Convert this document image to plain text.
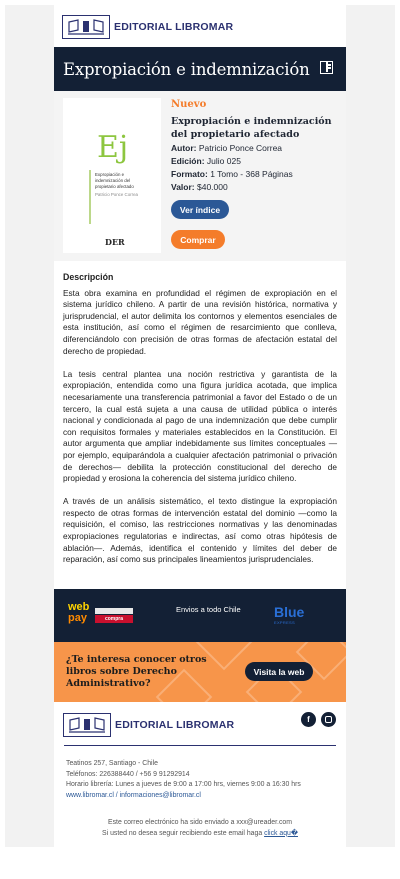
EDITORIAL LIBROMAR
Expropiación e indemnización
Ej
Expropiación e
indemnización del
propietario afectado
Patricio Ponce Correa
DER
Nuevo
Expropiación e indemnización del propietario afectado
Autor: Patricio Ponce Correa
Edición: Julio 025
Formato: 1 Tomo - 368 Páginas
Valor: $40.000
Ver índice
Comprar
Descripción

Esta obra examina en profundidad el régimen de expropiación en el sistema jurídico chileno. A partir de una revisión histórica, normativa y jurisprudencial, el autor delimita los contornos y elementos esenciales de esta institución, así como el régimen de resarcimiento que conlleva, diferenciándolo con precisión de otras formas de afectación estatal del derecho de propiedad.

La tesis central plantea una noción restrictiva y garantista de la expropiación, entendida como una figura jurídica acotada, que implica necesariamente una transferencia patrimonial a favor del Estado o de un tercero, la cual está sujeta a una causa de utilidad pública o interés nacional y condicionada al pago de una indemnización que debe cumplir con requisitos formales y materiales establecidos en la Constitución. El autor argumenta que ampliar indebidamente sus límites conceptuales —por ejemplo, equiparándola a cualquier afectación patrimonial o privación de derechos— debilita la protección constitucional del derecho de propiedad y erosiona la coherencia del sistema jurídico chileno.

A través de un análisis sistemático, el texto distingue la expropiación respecto de otras formas de intervención estatal del dominio —como la requisición, el comiso, las restricciones normativas y las denominadas expropiaciones regulatorias e indirectas, así como otras hipótesis de ablación—. Además, identifica el contenido y límites del deber de reparación, así como sus principales lineamientos jurisprudenciales.

web
pay	compra
Envios a todo Chile Blue
EXPRESS
¿Te interesa conocer otros libros sobre Derecho Administrativo?
Visita la web
EDITORIAL LIBROMAR	f
Teatinos 257, Santiago - Chile
Teléfonos: 226388440 / +56 9 91292914
Horario librería: Lunes a jueves de 9:00 a 17:00 hrs, viernes 9:00 a 16:30 hrs
www.libromar.cl / informaciones@libromar.cl
Este correo electrónico ha sido enviado a xxx@ureader.com
Si usted no desea seguir recibiendo este email haga click aqu�
